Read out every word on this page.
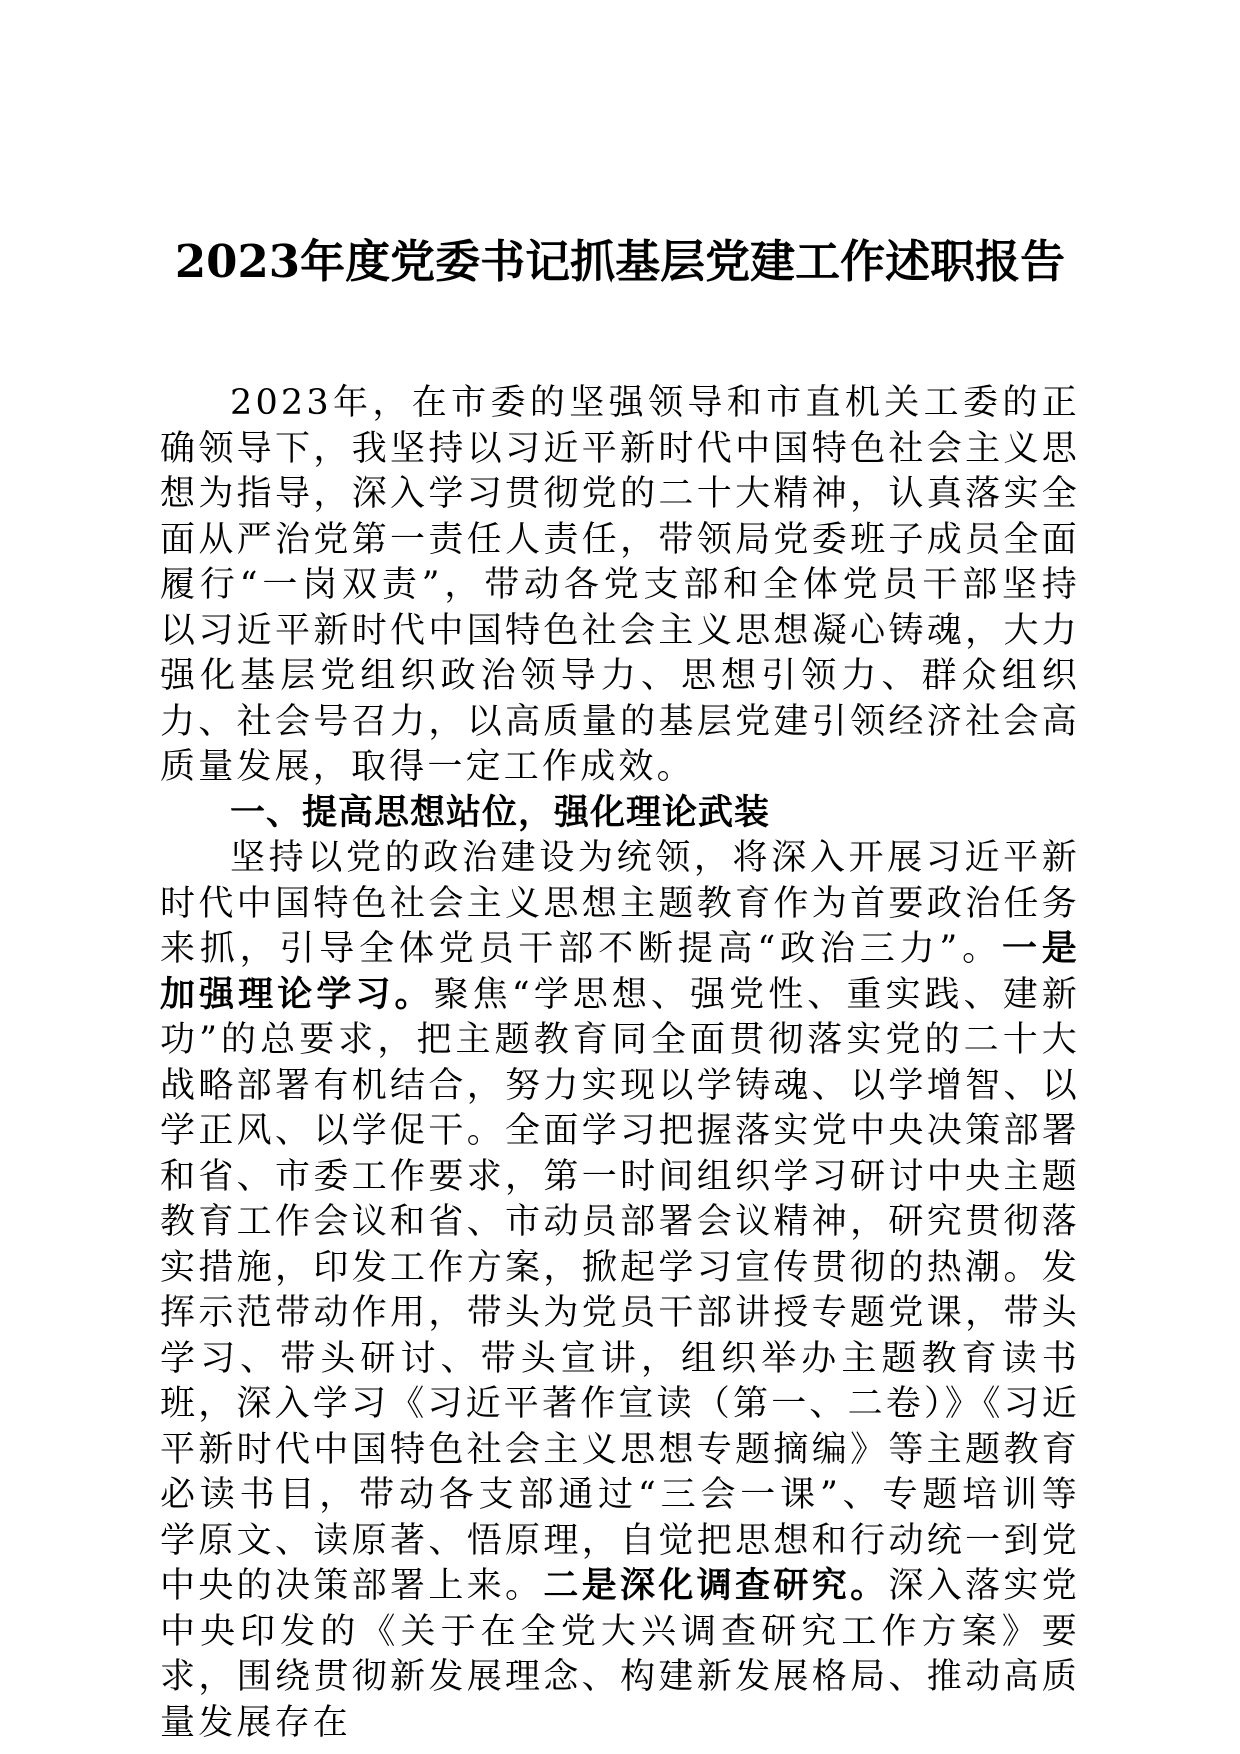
2023年度党委书记抓基层党建工作述职报告

2023年，在市委的坚强领导和市直机关工委的正确领导下，我坚持以习近平新时代中国特色社会主义思想为指导，深入学习贯彻党的二十大精神，认真落实全面从严治党第一责任人责任，带领局党委班子成员全面履行“一岗双责”，带动各党支部和全体党员干部坚持以习近平新时代中国特色社会主义思想凝心铸魂，大力强化基层党组织政治领导力、思想引领力、群众组织力、社会号召力，以高质量的基层党建引领经济社会高质量发展，取得一定工作成效。

一、提高思想站位，强化理论武装

坚持以党的政治建设为统领，将深入开展习近平新时代中国特色社会主义思想主题教育作为首要政治任务来抓，引导全体党员干部不断提高“政治三力”。一是加强理论学习。聚焦“学思想、强党性、重实践、建新功”的总要求，把主题教育同全面贯彻落实党的二十大战略部署有机结合，努力实现以学铸魂、以学增智、以学正风、以学促干。全面学习把握落实党中央决策部署和省、市委工作要求，第一时间组织学习研讨中央主题教育工作会议和省、市动员部署会议精神，研究贯彻落实措施，印发工作方案，掀起学习宣传贯彻的热潮。发挥示范带动作用，带头为党员干部讲授专题党课，带头学习、带头研讨、带头宣讲，组织举办主题教育读书班，深入学习《习近平著作宣读（第一、二卷）》《习近平新时代中国特色社会主义思想专题摘编》等主题教育必读书目，带动各支部通过“三会一课”、专题培训等学原文、读原著、悟原理，自觉把思想和行动统一到党中央的决策部署上来。二是深化调查研究。深入落实党中央印发的《关于在全党大兴调查研究工作方案》要求，围绕贯彻新发展理念、构建新发展格局、推动高质量发展存在
